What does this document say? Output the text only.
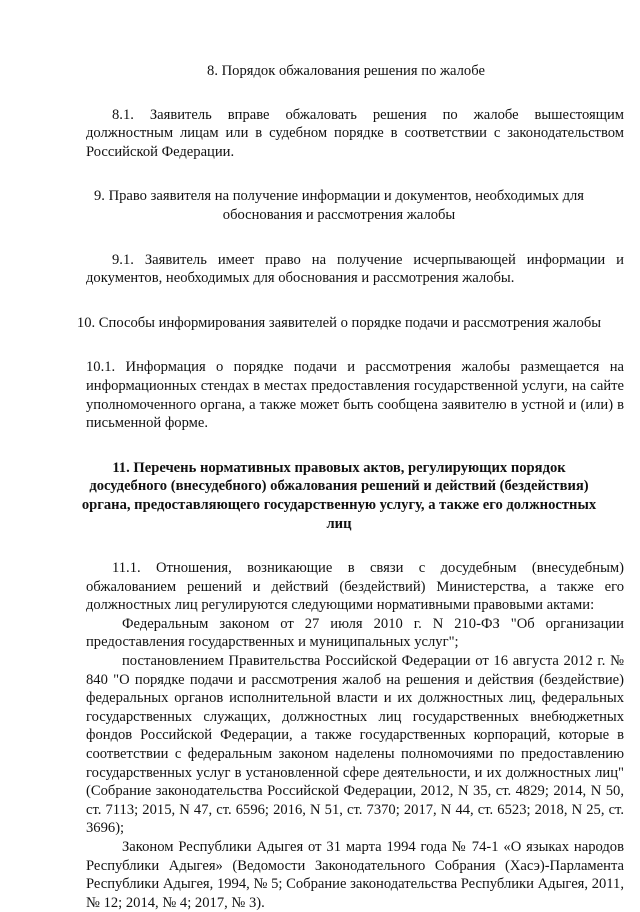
8. Порядок обжалования решения по жалобе

8.1. Заявитель вправе обжаловать решения по жалобе вышестоящим должностным лицам или в судебном порядке в соответствии с законодательством Российской Федерации.

9. Право заявителя на получение информации и документов, необходимых для обоснования и рассмотрения жалобы

9.1. Заявитель имеет право на получение исчерпывающей информации и документов, необходимых для обоснования и рассмотрения жалобы.

10. Способы информирования заявителей о порядке подачи и рассмотрения жалобы

10.1. Информация о порядке подачи и рассмотрения жалобы размещается на информационных стендах в местах предоставления государственной услуги, на сайте уполномоченного органа, а также может быть сообщена заявителю в устной и (или) в письменной форме.

11. Перечень нормативных правовых актов, регулирующих порядок досудебного (внесудебного) обжалования решений и действий (бездействия) органа, предоставляющего государственную услугу, а также его должностных лиц

11.1. Отношения, возникающие в связи с досудебным (внесудебным) обжалованием решений и действий (бездействий) Министерства, а также его должностных лиц регулируются следующими нормативными правовыми актами:

Федеральным законом от 27 июля 2010 г. N 210-ФЗ "Об организации предоставления государственных и муниципальных услуг";

постановлением Правительства Российской Федерации от 16 августа 2012 г. № 840 "О порядке подачи и рассмотрения жалоб на решения и действия (бездействие) федеральных органов исполнительной власти и их должностных лиц, федеральных государственных служащих, должностных лиц государственных внебюджетных фондов Российской Федерации, а также государственных корпораций, которые в соответствии с федеральным законом наделены полномочиями по предоставлению государственных услуг в установленной сфере деятельности, и их должностных лиц" (Собрание законодательства Российской Федерации, 2012, N 35, ст. 4829; 2014, N 50, ст. 7113; 2015, N 47, ст. 6596; 2016, N 51, ст. 7370; 2017, N 44, ст. 6523; 2018, N 25, ст. 3696);

Законом Республики Адыгея от 31 марта 1994 года № 74-1 «О языках народов Республики Адыгея» (Ведомости Законодательного Собрания (Хасэ)-Парламента Республики Адыгея, 1994, № 5; Собрание законодательства Республики Адыгея, 2011, № 12; 2014, № 4; 2017, № 3).
